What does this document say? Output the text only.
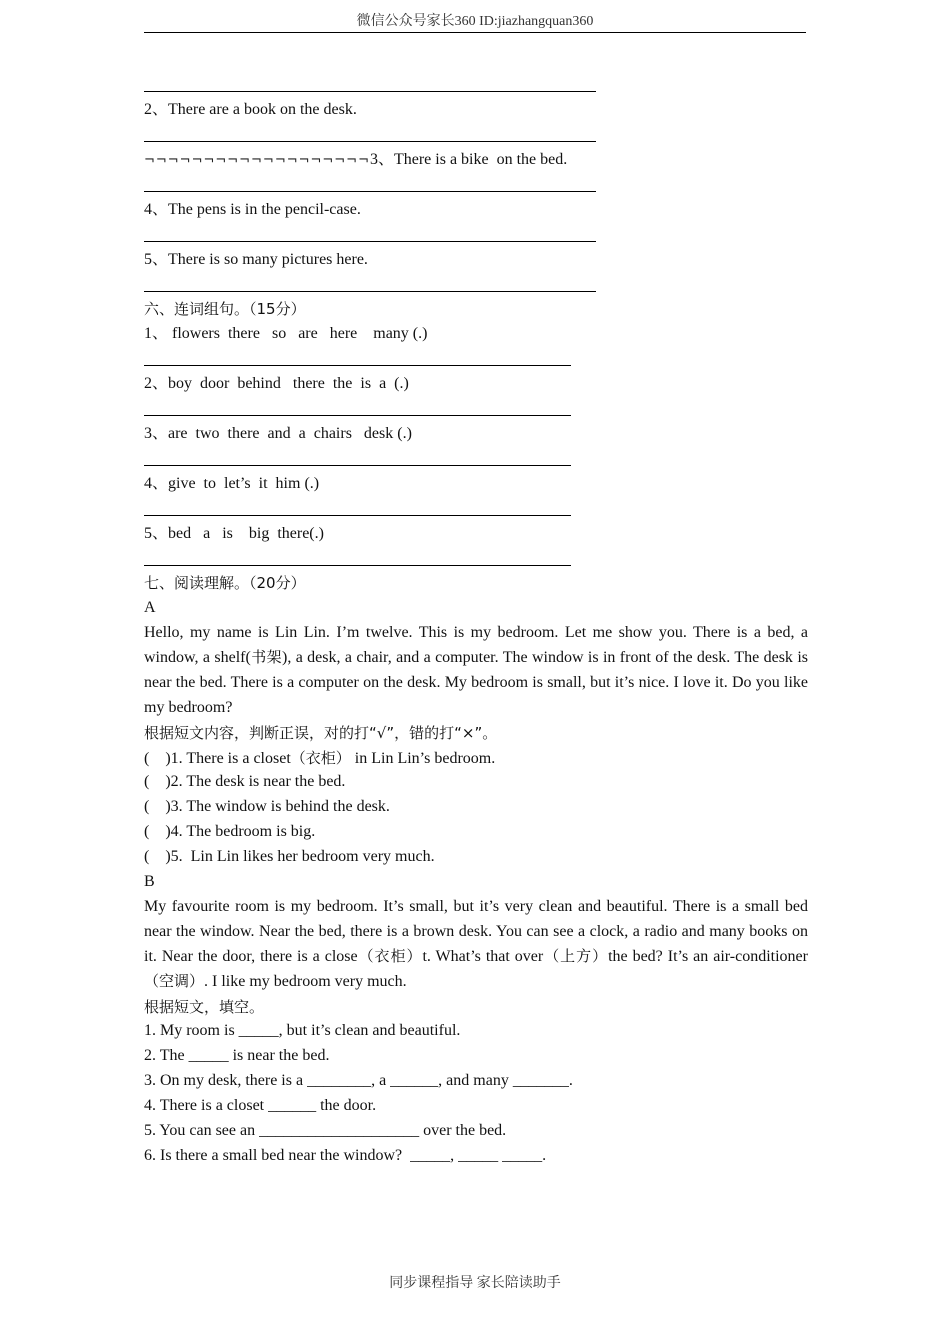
微信公众号家长360 ID:jiazhangquan360
2、There are a book on the desk.
¬¬¬¬¬¬¬¬¬¬¬¬¬¬¬¬¬¬¬3、There is a bike  on the bed.
4、The pens is in the pencil-case.
5、There is so many pictures here.
六、连词组句。（15分）
1、 flowers  there   so   are   here    many (.)
2、boy  door  behind   there  the  is  a  (.)
3、are  two  there  and  a  chairs   desk (.)
4、give  to  let’s  it  him (.)
5、bed   a   is    big  there(.)
七、阅读理解。（20分）
A
Hello, my name is Lin Lin. I’m twelve. This is my bedroom. Let me show you. There is a bed, a window, a shelf(书架), a desk, a chair, and a computer. The window is in front of the desk. The desk is near the bed. There is a computer on the desk. My bedroom is small, but it’s nice. I love it. Do you like my bedroom?
根据短文内容，判断正误，对的打“√”，错的打“×”。
(    )1. There is a closet（衣柜） in Lin Lin’s bedroom.
(    )2. The desk is near the bed.
(    )3. The window is behind the desk.
(    )4. The bedroom is big.
(    )5.  Lin Lin likes her bedroom very much.
B
My favourite room is my bedroom. It’s small, but it’s very clean and beautiful. There is a small bed near the window. Near the bed, there is a brown desk. You can see a clock, a radio and many books on it. Near the door, there is a close（衣柜）t. What’s that over（上方）the bed? It’s an air-conditioner（空调）. I like my bedroom very much.
根据短文，填空。
1. My room is _____, but it’s clean and beautiful.
2. The _____ is near the bed.
3. On my desk, there is a ________, a ______, and many _______.
4. There is a closet ______ the door.
5. You can see an ____________________ over the bed.
6. Is there a small bed near the window?  _____, _____ _____.
同步课程指导 家长陪读助手
